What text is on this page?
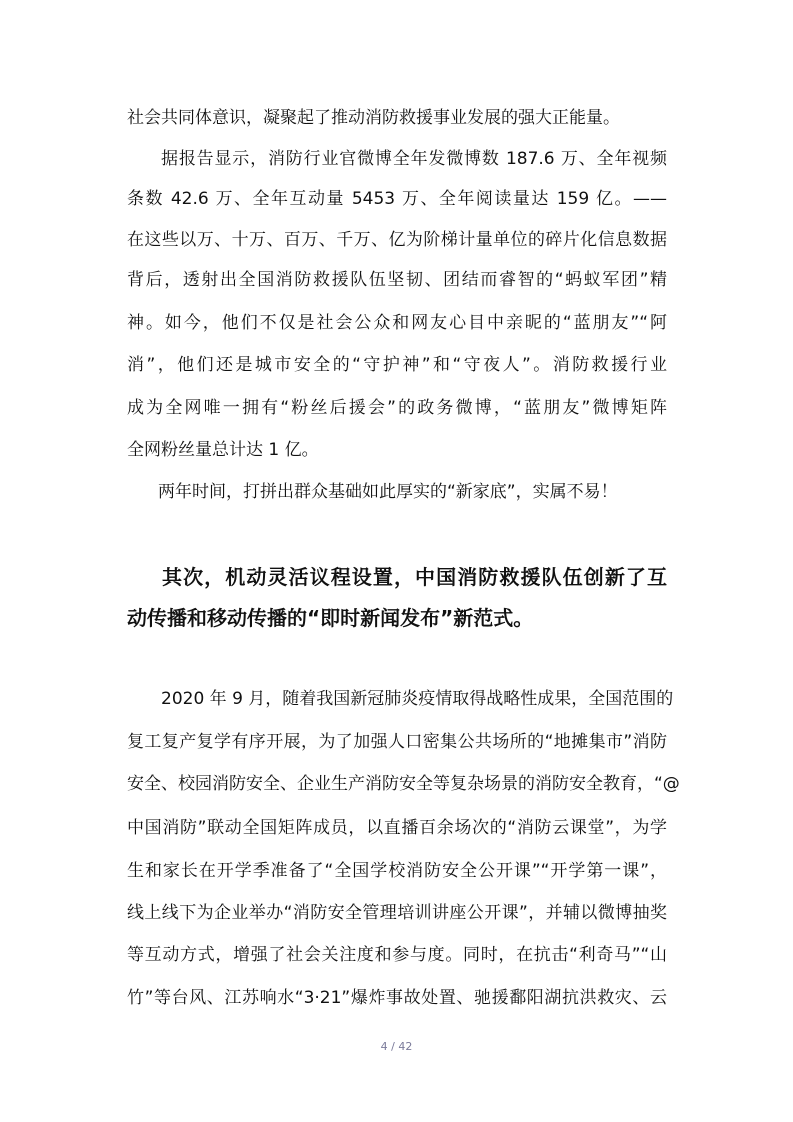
社会共同体意识，凝聚起了推动消防救援事业发展的强大正能量。
据报告显示，消防行业官微博全年发微博数 187.6 万、全年视频
条数 42.6 万、全年互动量 5453 万、全年阅读量达 159 亿。——
在这些以万、十万、百万、千万、亿为阶梯计量单位的碎片化信息数据
背后，透射出全国消防救援队伍坚韧、团结而睿智的“蚂蚁军团”精
神。如今，他们不仅是社会公众和网友心目中亲昵的“蓝朋友”“阿
消”，他们还是城市安全的“守护神”和“守夜人”。消防救援行业
成为全网唯一拥有“粉丝后援会”的政务微博，“蓝朋友”微博矩阵
全网粉丝量总计达 1 亿。
两年时间，打拼出群众基础如此厚实的“新家底”，实属不易！
其次，机动灵活议程设置，中国消防救援队伍创新了互
动传播和移动传播的“即时新闻发布”新范式。
2020 年 9 月，随着我国新冠肺炎疫情取得战略性成果，全国范围的
复工复产复学有序开展，为了加强人口密集公共场所的“地摊集市”消防
安全、校园消防安全、企业生产消防安全等复杂场景的消防安全教育，“@
中国消防”联动全国矩阵成员，以直播百余场次的“消防云课堂”，为学
生和家长在开学季准备了“全国学校消防安全公开课”“开学第一课”，
线上线下为企业举办“消防安全管理培训讲座公开课”，并辅以微博抽奖
等互动方式，增强了社会关注度和参与度。同时，在抗击“利奇马”“山
竹”等台风、江苏响水“3·21”爆炸事故处置、驰援鄱阳湖抗洪救灾、云
4 / 42
